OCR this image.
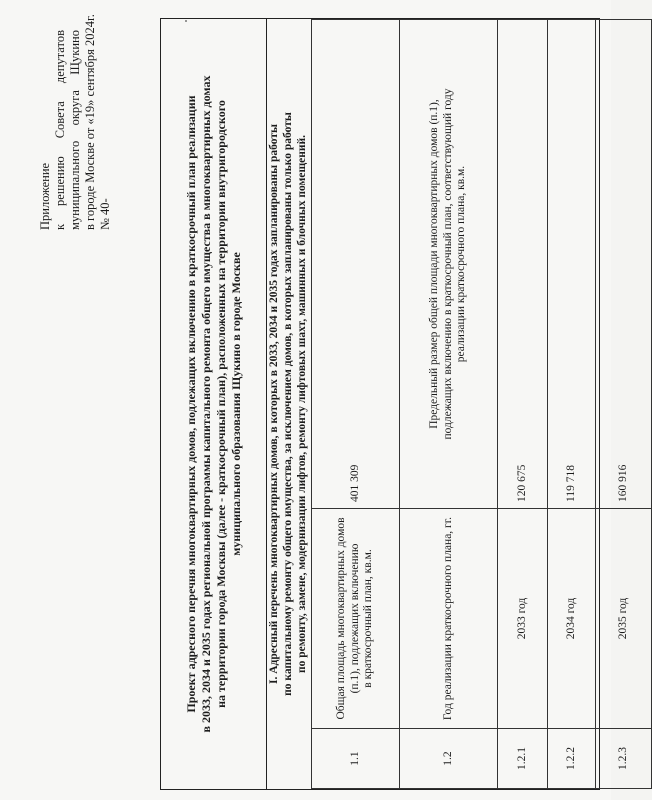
Приложение к
решению
Совета
депутатов
муниципального
округа
Щукино в городе Москве от «19» сентября 2024г. № 40-	Проект адресного перечня многоквартирных домов, подлежащих включению в краткосрочный план реализации в 2033, 2034 и 2035 годах региональной программы капитального ремонта общего имущества в многоквартирных домах на территории города Москвы (далее - краткосрочный план), расположенных на территории внутригородского муниципального образования Щукино в городе Москве I. Адресный перечень многоквартирных домов, в которых в 2033, 2034 и 2035 годах запланированы работы по капитальному ремонту общего имущества, за исключением домов, в которых запланированы только работы по ремонту, замене, модернизации лифтов, ремонту лифтовых шахт, машинных и блочных помещений.

1.1	Общая площадь многоквартирных домов (п.1), подлежащих включению в краткосрочный план, кв.м.	401 309
1.2	Год реализации краткосрочного плана, гг.	Предельный размер общей площади многоквартирных домов (п.1), подлежащих включению в краткосрочный план, соответствующий году реализации краткосрочного плана, кв.м.

1.2.1	2033 год	120 675
1.2.2	2034 год	119 718
1.2.3	2035 год	160 916
